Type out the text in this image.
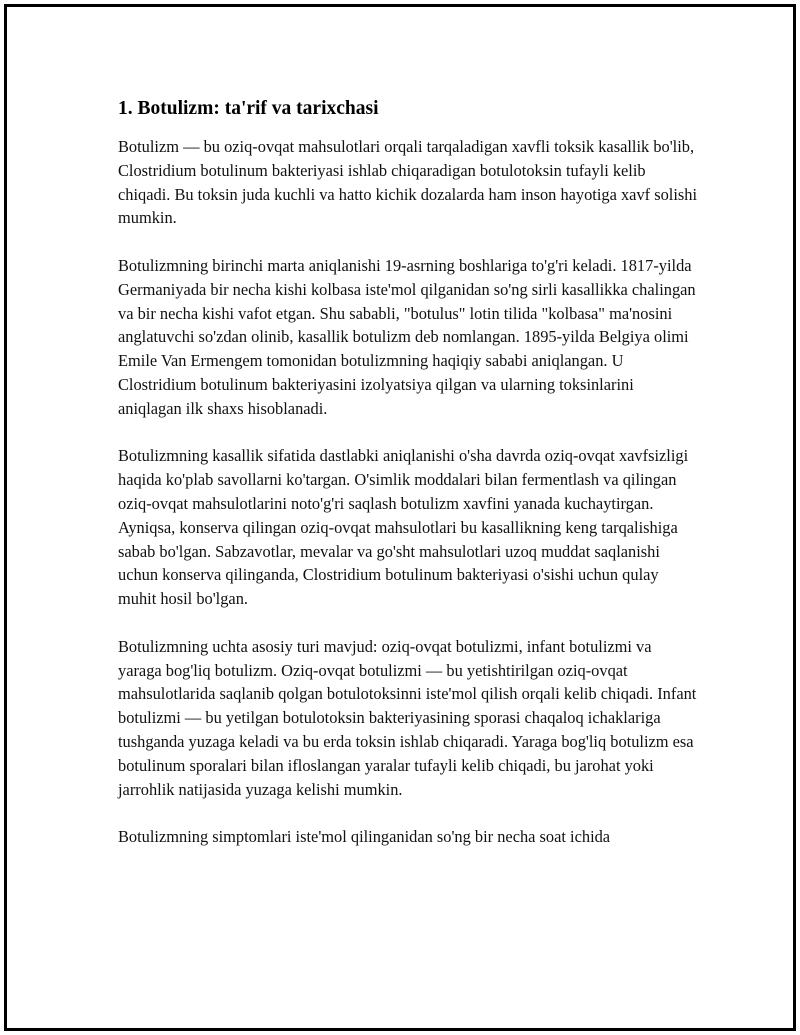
1. Botulizm: ta'rif va tarixchasi

Botulizm — bu oziq-ovqat mahsulotlari orqali tarqaladigan xavfli toksik kasallik bo'lib, Clostridium botulinum bakteriyasi ishlab chiqaradigan botulotoksin tufayli kelib chiqadi. Bu toksin juda kuchli va hatto kichik dozalarda ham inson hayotiga xavf solishi mumkin.

Botulizmning birinchi marta aniqlanishi 19-asrning boshlariga to'g'ri keladi. 1817-yilda Germaniyada bir necha kishi kolbasa iste'mol qilganidan so'ng sirli kasallikka chalingan va bir necha kishi vafot etgan. Shu sababli, "botulus" lotin tilida "kolbasa" ma'nosini anglatuvchi so'zdan olinib, kasallik botulizm deb nomlangan. 1895-yilda Belgiya olimi Emile Van Ermengem tomonidan botulizmning haqiqiy sababi aniqlangan. U Clostridium botulinum bakteriyasini izolyatsiya qilgan va ularning toksinlarini aniqlagan ilk shaxs hisoblanadi.

Botulizmning kasallik sifatida dastlabki aniqlanishi o'sha davrda oziq-ovqat xavfsizligi haqida ko'plab savollarni ko'targan. O'simlik moddalari bilan fermentlash va qilingan oziq-ovqat mahsulotlarini noto'g'ri saqlash botulizm xavfini yanada kuchaytirgan. Ayniqsa, konserva qilingan oziq-ovqat mahsulotlari bu kasallikning keng tarqalishiga sabab bo'lgan. Sabzavotlar, mevalar va go'sht mahsulotlari uzoq muddat saqlanishi uchun konserva qilinganda, Clostridium botulinum bakteriyasi o'sishi uchun qulay muhit hosil bo'lgan.

Botulizmning uchta asosiy turi mavjud: oziq-ovqat botulizmi, infant botulizmi va yaraga bog'liq botulizm. Oziq-ovqat botulizmi — bu yetishtirilgan oziq-ovqat mahsulotlarida saqlanib qolgan botulotoksinni iste'mol qilish orqali kelib chiqadi. Infant botulizmi — bu yetilgan botulotoksin bakteriyasining sporasi chaqaloq ichaklariga tushganda yuzaga keladi va bu erda toksin ishlab chiqaradi. Yaraga bog'liq botulizm esa botulinum sporalari bilan ifloslangan yaralar tufayli kelib chiqadi, bu jarohat yoki jarrohlik natijasida yuzaga kelishi mumkin.

Botulizmning simptomlari iste'mol qilinganidan so'ng bir necha soat ichida
